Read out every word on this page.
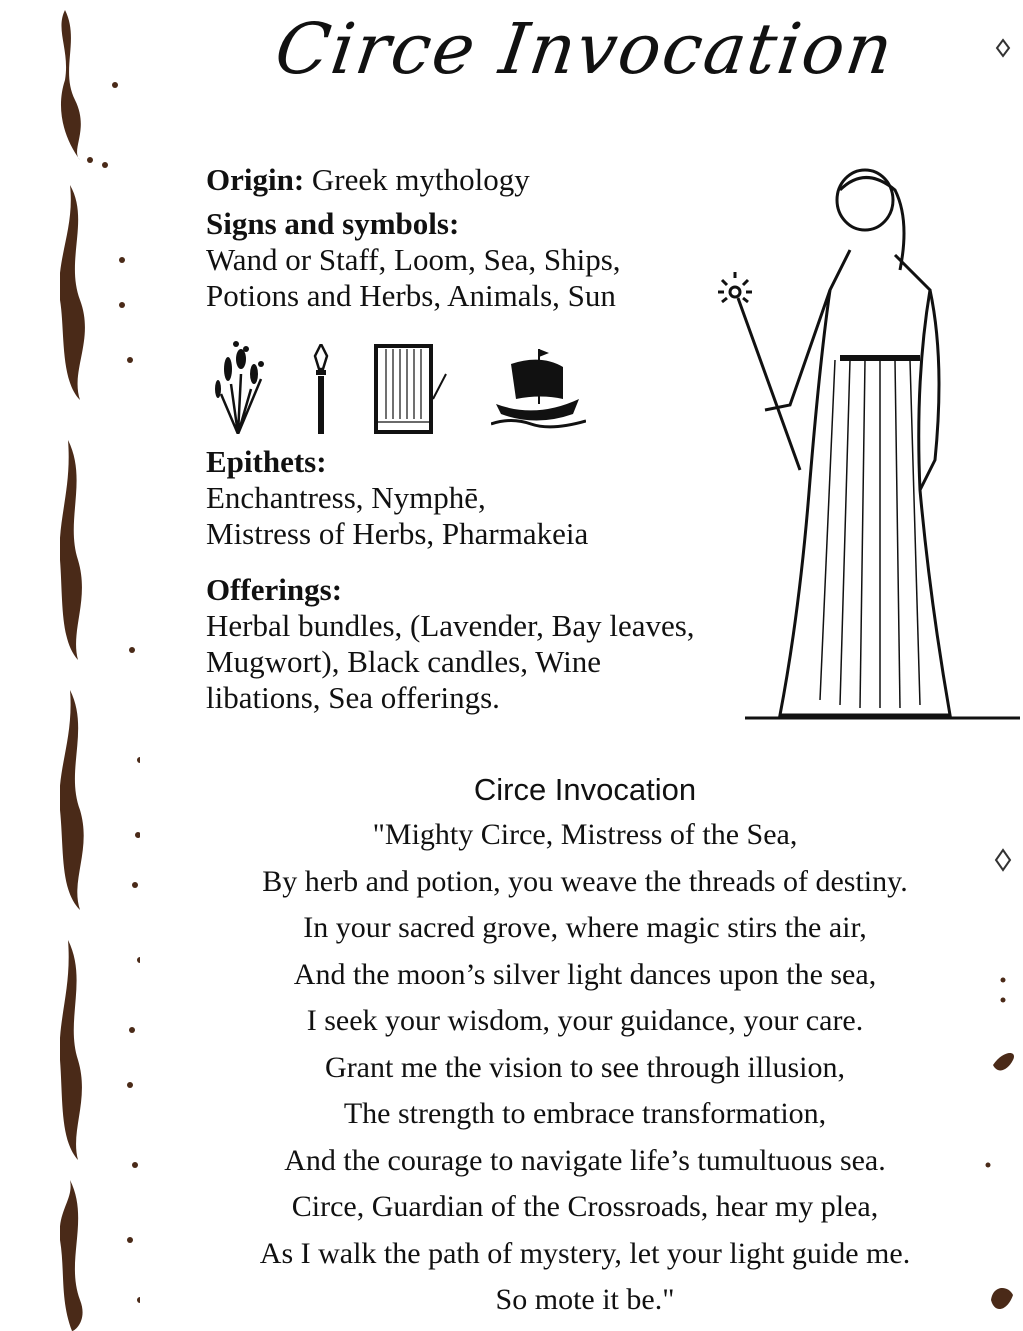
Circe Invocation
Origin: Greek mythology
Signs and symbols:
Wand or Staff, Loom, Sea, Ships,
Potions and Herbs, Animals, Sun
Epithets:
Enchantress, Nymphē,
Mistress of Herbs, Pharmakeia
Offerings:
Herbal bundles, (Lavender, Bay leaves,
Mugwort), Black candles, Wine
libations, Sea offerings.
Circe Invocation
"Mighty Circe, Mistress of the Sea,
By herb and potion, you weave the threads of destiny.
In your sacred grove, where magic stirs the air,
And the moon’s silver light dances upon the sea,
I seek your wisdom, your guidance, your care.
Grant me the vision to see through illusion,
The strength to embrace transformation,
And the courage to navigate life’s tumultuous sea.
Circe, Guardian of the Crossroads, hear my plea,
As I walk the path of mystery, let your light guide me.
So mote it be."
